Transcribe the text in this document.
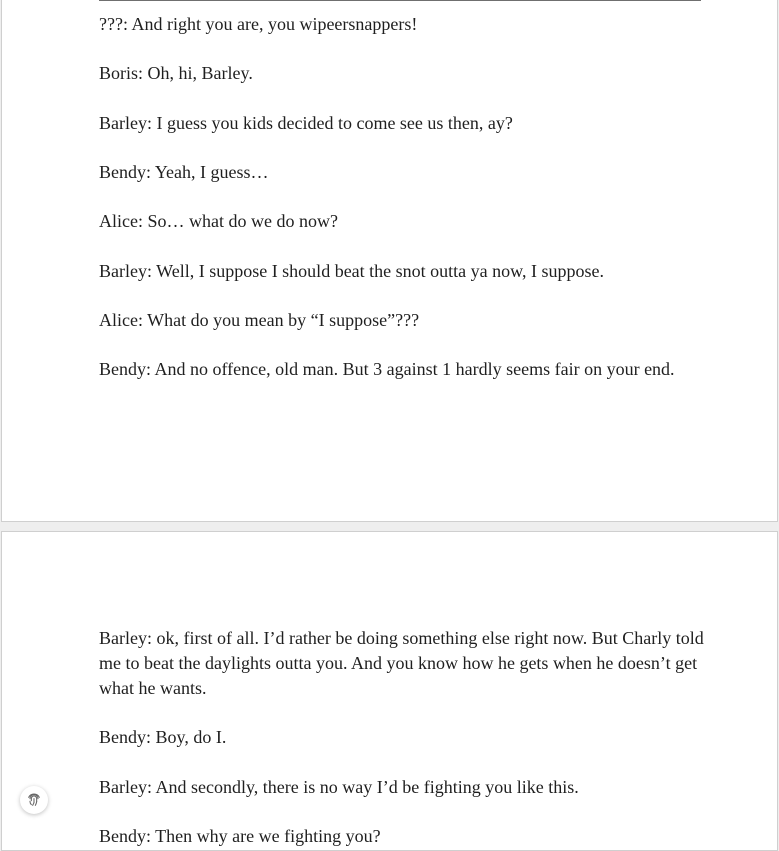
???: And right you are, you wipeersnappers!

Boris: Oh, hi, Barley.

Barley: I guess you kids decided to come see us then, ay?

Bendy: Yeah, I guess…

Alice: So… what do we do now?

Barley: Well, I suppose I should beat the snot outta ya now, I suppose.

Alice: What do you mean by “I suppose”???

Bendy: And no offence, old man. But 3 against 1 hardly seems fair on your end.

Barley: ok, first of all. I’d rather be doing something else right now. But Charly told me to beat the daylights outta you. And you know how he gets when he doesn’t get what he wants.

Bendy: Boy, do I.

Barley: And secondly, there is no way I’d be fighting you like this.

Bendy: Then why are we fighting you?
